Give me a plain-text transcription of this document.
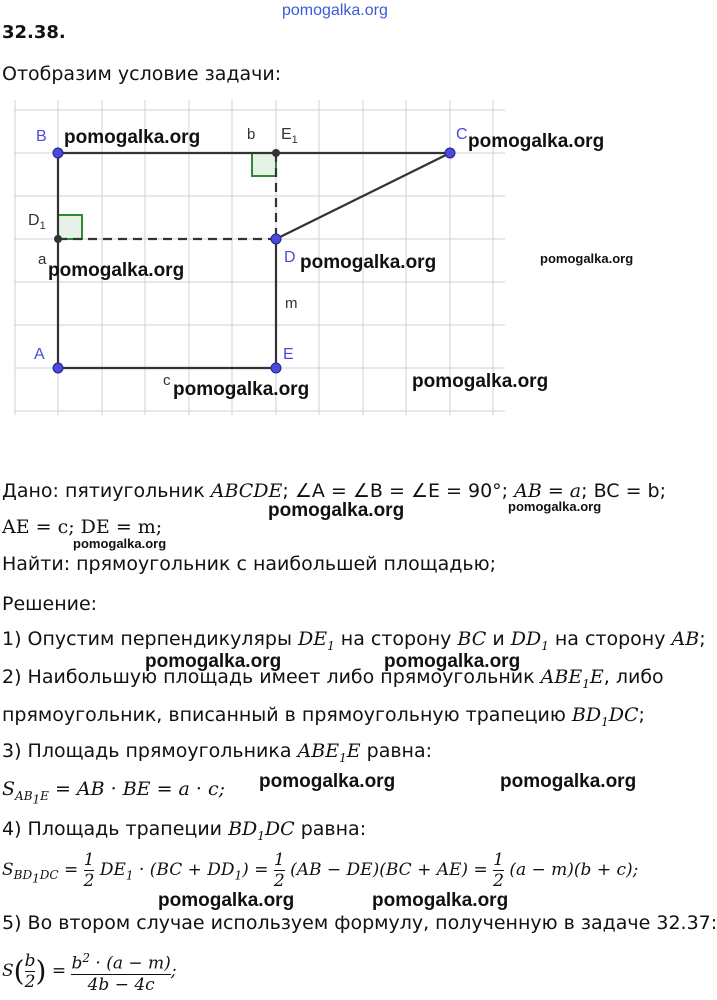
pomogalka.org
32.38.
Отобразим условие задачи:
B	$E_1$	C
$D_1$
D
A	E
b
a
m
c
pomogalka.org	pomogalka.org
pomogalka.org	pomogalka.org	pomogalka.org
pomogalka.org	pomogalka.org
Дано: пятиугольник ABCDE; ∠A = ∠B = ∠E = 90°; AB = a; BC = b;
AE = c; DE = m;
pomogalka.org	pomogalka.org
pomogalka.org
Найти: прямоугольник с наибольшей площадью;
Решение:
1) Опустим перпендикуляры $DE_1$ на сторону BC и $DD_1$ на сторону AB;
2) Наибольшую площадь имеет либо прямоугольник $ABE_1E$, либо
pomogalka.org	pomogalka.org
прямоугольник, вписанный в прямоугольную трапецию $BD_1DC$;
3) Площадь прямоугольника $ABE_1E$ равна:
$S_{AB_1E}$ = AB · BE = a · c; pomogalka.org	pomogalka.org
4) Площадь трапеции $BD_1DC$ равна:
$S_{BD_1DC} = \frac{1}{2} DE_1 \cdot (BC + DD_1) = \frac{1}{2} (AB - DE)(BC + AE) = \frac{1}{2} (a - m)(b + c)$;
pomogalka.org	pomogalka.org
5) Во втором случае используем формулу, полученную в задаче 32.37:
$S( \frac{b}{2}$ ) = $\frac{b^2 \cdot (a - m)}{4b - 4c}$ ;
